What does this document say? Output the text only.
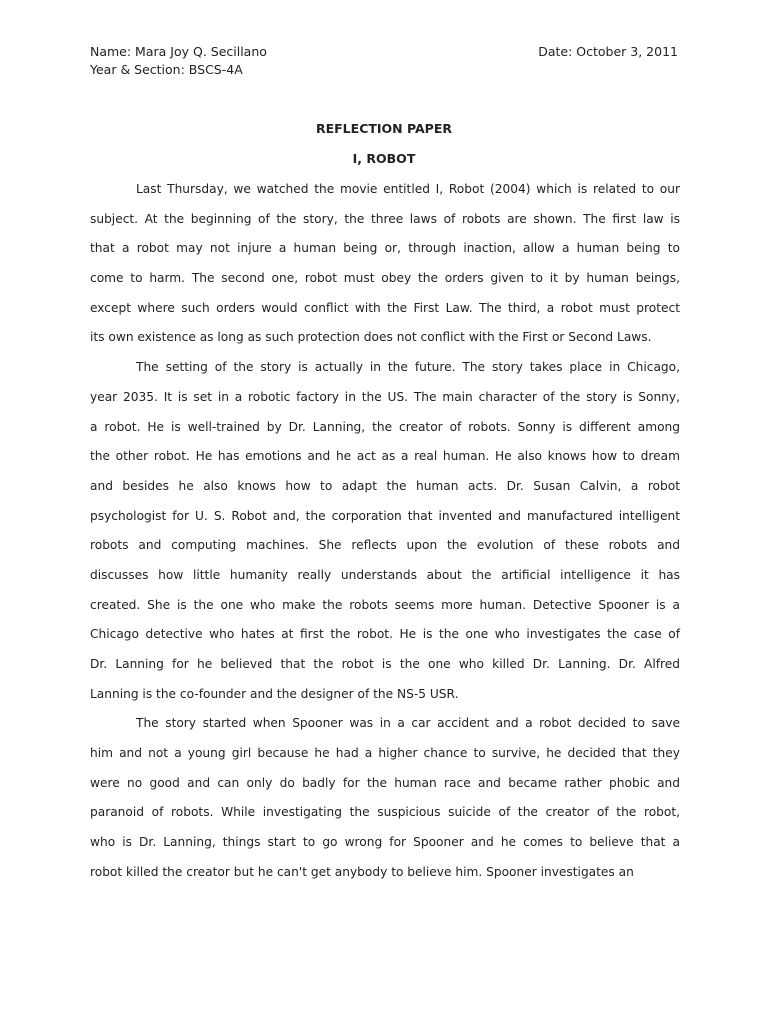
Name: Mara Joy Q. Secillano	Date: October 3, 2011
Year & Section: BSCS-4A
REFLECTION PAPER
I, ROBOT
Last Thursday, we watched the movie entitled I, Robot (2004) which is related to our
subject. At the beginning of the story, the three laws of robots are shown. The first law is
that a robot may not injure a human being or, through inaction, allow a human being to
come to harm. The second one, robot must obey the orders given to it by human beings,
except where such orders would conflict with the First Law. The third, a robot must protect
its own existence as long as such protection does not conflict with the First or Second Laws.
The setting of the story is actually in the future. The story takes place in Chicago,
year 2035. It is set in a robotic factory in the US. The main character of the story is Sonny,
a robot. He is well-trained by Dr. Lanning, the creator of robots. Sonny is different among
the other robot. He has emotions and he act as a real human. He also knows how to dream
and besides he also knows how to adapt the human acts. Dr. Susan Calvin, a robot
psychologist for U. S. Robot and, the corporation that invented and manufactured intelligent
robots and computing machines. She reflects upon the evolution of these robots and
discusses how little humanity really understands about the artificial intelligence it has
created. She is the one who make the robots seems more human. Detective Spooner is a
Chicago detective who hates at first the robot. He is the one who investigates the case of
Dr. Lanning for he believed that the robot is the one who killed Dr. Lanning. Dr. Alfred
Lanning is the co-founder and the designer of the NS-5 USR.
The story started when Spooner was in a car accident and a robot decided to save
him and not a young girl because he had a higher chance to survive, he decided that they
were no good and can only do badly for the human race and became rather phobic and
paranoid of robots. While investigating the suspicious suicide of the creator of the robot,
who is Dr. Lanning, things start to go wrong for Spooner and he comes to believe that a
robot killed the creator but he can't get anybody to believe him. Spooner investigates an
